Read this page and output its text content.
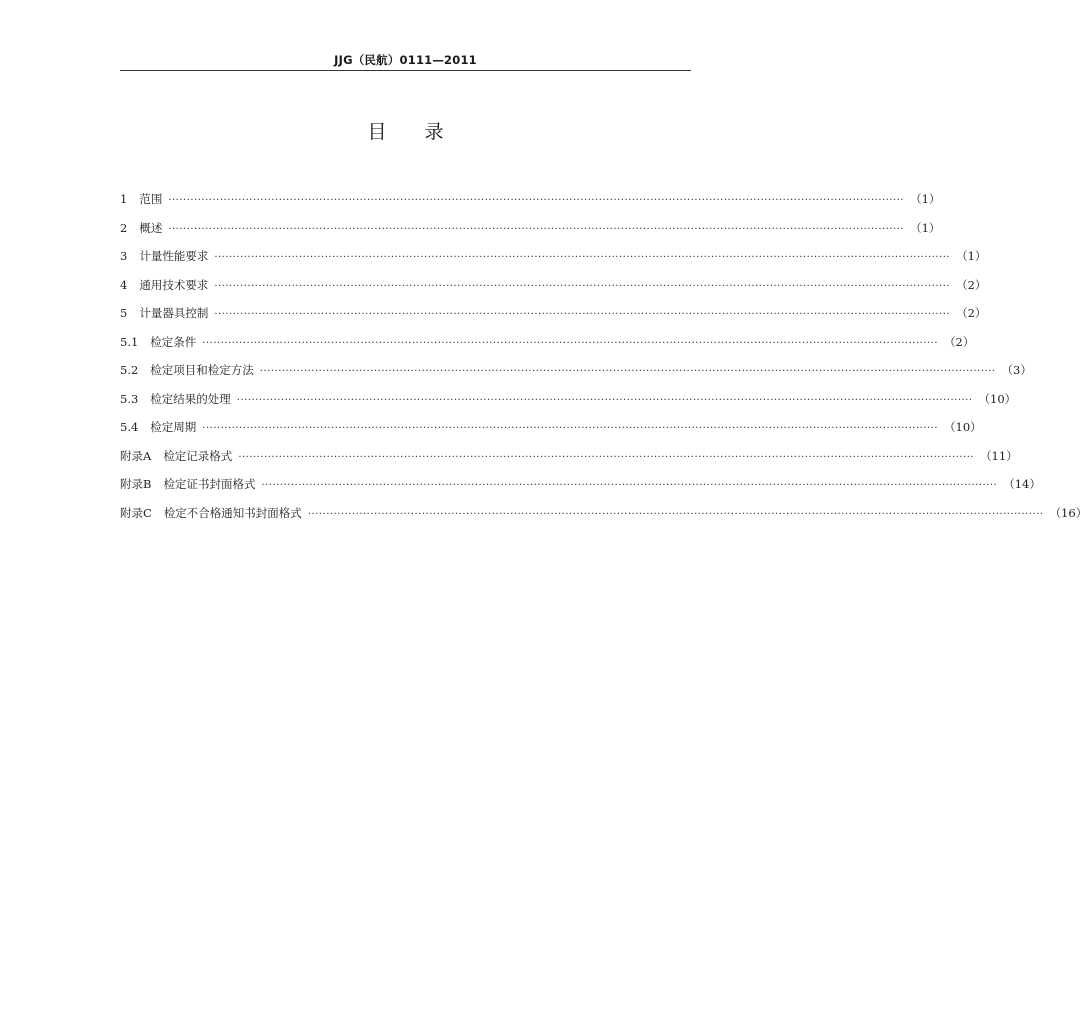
JJG（民航）0111—2011
目 录
1 范围 ········································································································································································································ （1）
2 概述 ········································································································································································································ （1）
3 计量性能要求 ········································································································································································································ （1）
4 通用技术要求 ········································································································································································································ （2）
5 计量器具控制 ········································································································································································································ （2）
5.1 检定条件 ········································································································································································································ （2）
5.2 检定项目和检定方法 ········································································································································································································ （3）
5.3 检定结果的处理 ········································································································································································································ （10）
5.4 检定周期 ········································································································································································································ （10）
附录A 检定记录格式 ········································································································································································································ （11）
附录B 检定证书封面格式 ········································································································································································································ （14）
附录C 检定不合格通知书封面格式 ········································································································································································································ （16）
